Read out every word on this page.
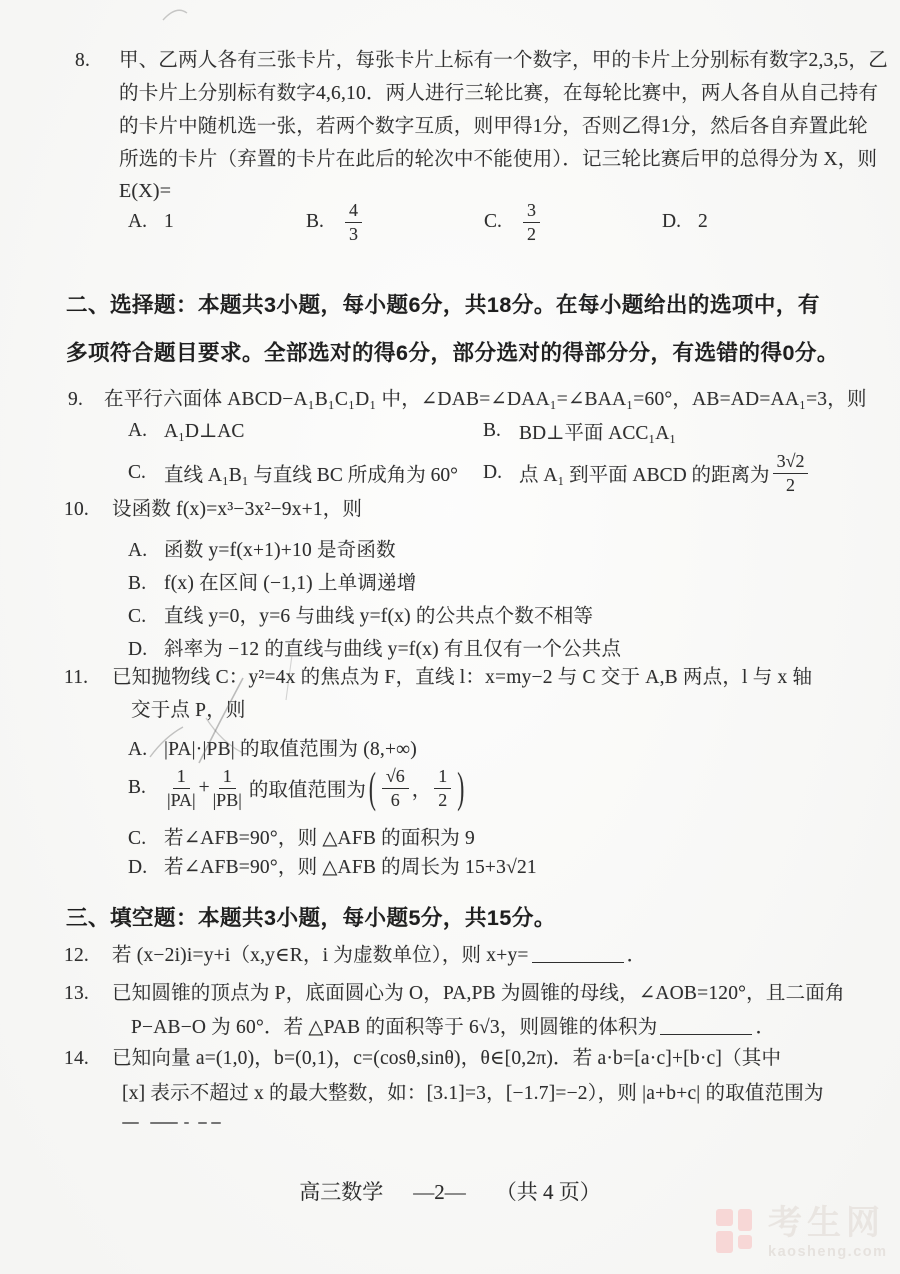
8. 甲、乙两人各有三张卡片，每张卡片上标有一个数字，甲的卡片上分别标有数字2,3,5，乙
的卡片上分别标有数字4,6,10．两人进行三轮比赛，在每轮比赛中，两人各自从自己持有
的卡片中随机选一张，若两个数字互质，则甲得1分，否则乙得1分，然后各自弃置此轮
所选的卡片（弃置的卡片在此后的轮次中不能使用）．记三轮比赛后甲的总得分为 X，则
E(X)=
A. 1	B.	$\frac{4}{3}$	C.	$\frac{3}{2}$	D. 2
二、选择题：本题共3小题，每小题6分，共18分。在每小题给出的选项中，有
多项符合题目要求。全部选对的得6分，部分选对的得部分分，有选错的得0分。
9. 在平行六面体 ABCD−A₁B₁C₁D₁ 中，∠DAB=∠DAA₁=∠BAA₁=60°，AB=AD=AA₁=3，则
A. A₁D⊥AC	B. BD⊥平面 ACC₁A₁
C. 直线 A₁B₁ 与直线 BC 所成角为 60° D. 点 A₁ 到平面 ABCD 的距离为 $\frac{3√2}{2}$
10. 设函数 f(x)=x³−3x²−9x+1，则
A. 函数 y=f(x+1)+10 是奇函数
B. f(x) 在区间 (−1,1) 上单调递增
C. 直线 y=0，y=6 与曲线 y=f(x) 的公共点个数不相等
D. 斜率为 −12 的直线与曲线 y=f(x) 有且仅有一个公共点
11. 已知抛物线 C：y²=4x 的焦点为 F，直线 l：x=my−2 与 C 交于 A,B 两点，l 与 x 轴
交于点 P，则
A. |PA|·|PB| 的取值范围为 (8,+∞)
B.	$\frac{1}{|PA|} + \frac{1}{|PB|}$ 的取值范围为 ( $\frac{√6}{6}$ ， $\frac{1}{2}$ )
C. 若∠AFB=90°，则 △AFB 的面积为 9
D. 若∠AFB=90°，则 △AFB 的周长为 15+3√21
三、填空题：本题共3小题，每小题5分，共15分。
12. 若 (x−2i)i=y+i（x,y∈R，i 为虚数单位），则 x+y=	．
13. 已知圆锥的顶点为 P，底面圆心为 O，PA,PB 为圆锥的母线，∠AOB=120°，且二面角
P−AB−O 为 60°．若 △PAB 的面积等于 6√3，则圆锥的体积为	．
14. 已知向量 a=(1,0)，b=(0,1)，c=(cosθ,sinθ)，θ∈[0,2π)．若 a·b=[a·c]+[b·c]（其中
[x] 表示不超过 x 的最大整数，如：[3.1]=3，[−1.7]=−2），则 |a+b+c| 的取值范围为
高三数学 —2— （共 4 页）
考生网
kaosheng.com
